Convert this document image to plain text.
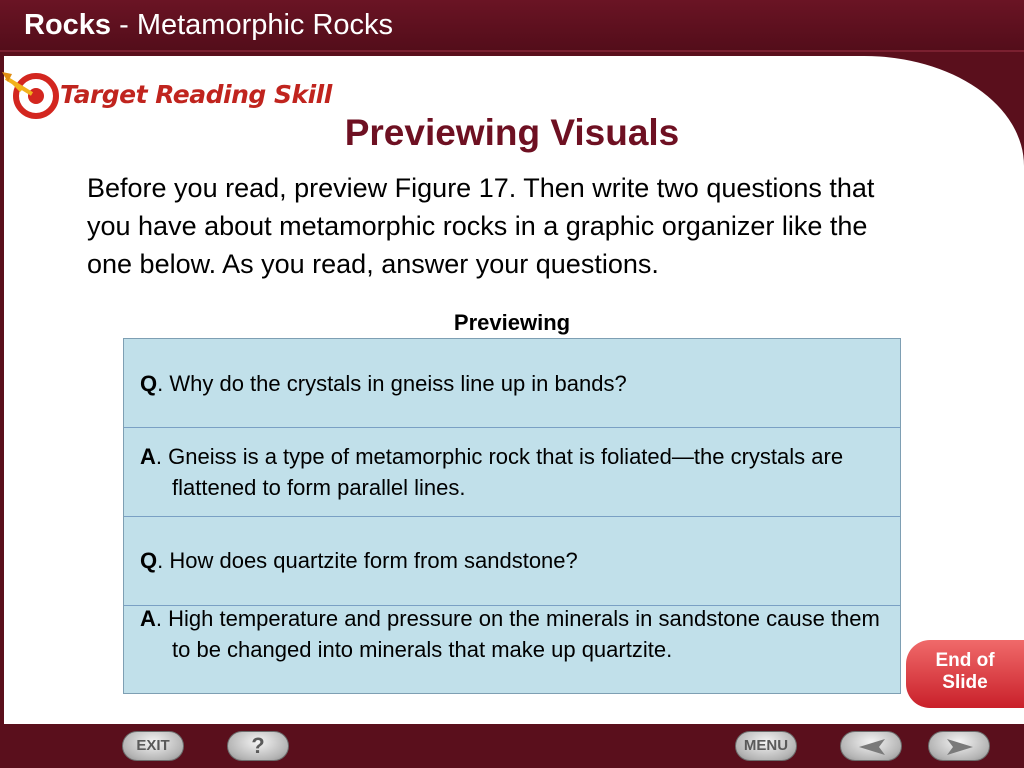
Rocks - Metamorphic Rocks
Target Reading Skill
Previewing Visuals
Before you read, preview Figure 17. Then write two questions that you have about metamorphic rocks in a graphic organizer like the one below. As you read, answer your questions.
Previewing
Q. Why do the crystals in gneiss line up in bands?
A. Gneiss is a type of metamorphic rock that is foliated—the crystals are flattened to form parallel lines.
Q. How does quartzite form from sandstone?
A. High temperature and pressure on the minerals in sandstone cause them to be changed into minerals that make up quartzite.	End of
Slide
EXIT	?	MENU
